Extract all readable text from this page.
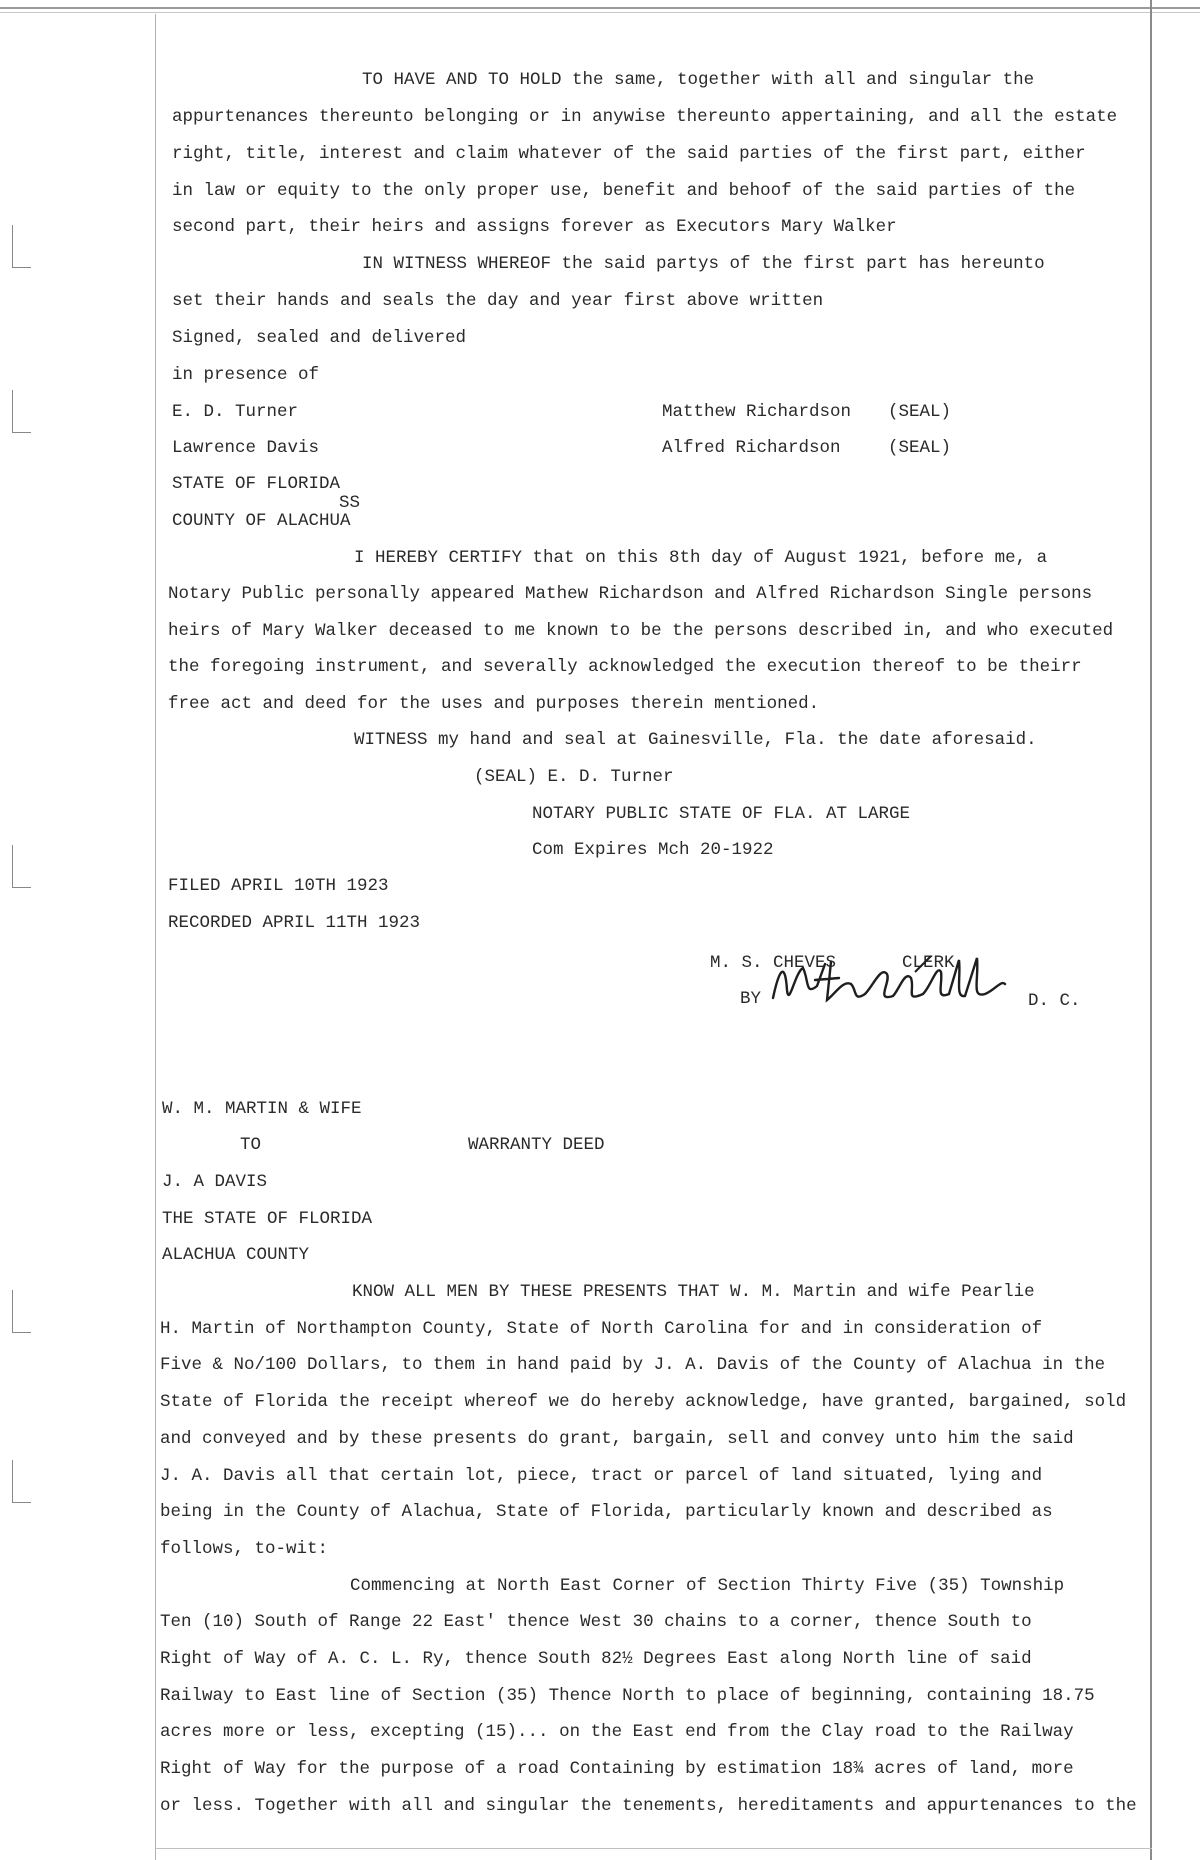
TO HAVE AND TO HOLD the same, together with all and singular the
appurtenances thereunto belonging or in anywise thereunto appertaining, and all the estate
right, title, interest and claim whatever of the said parties of the first part, either
in law or equity to the only proper use, benefit and behoof of the said parties of the
second part, their heirs and assigns forever as Executors Mary Walker
IN WITNESS WHEREOF the said partys of the first part has hereunto
set their hands and seals the day and year first above written
Signed, sealed and delivered
in presence of
E. D. Turner	Matthew Richardson (SEAL)
Lawrence Davis	Alfred Richardson	(SEAL)
STATE OF FLORIDA
SS
COUNTY OF ALACHUA
I HEREBY CERTIFY that on this 8th day of August 1921, before me, a
Notary Public personally appeared Mathew Richardson and Alfred Richardson Single persons
heirs of Mary Walker deceased to me known to be the persons described in, and who executed
the foregoing instrument, and severally acknowledged the execution thereof to be theirr
free act and deed for the uses and purposes therein mentioned.
WITNESS my hand and seal at Gainesville, Fla. the date aforesaid.
(SEAL) E. D. Turner
NOTARY PUBLIC STATE OF FLA. AT LARGE
Com Expires Mch 20-1922
FILED APRIL 10TH 1923
RECORDED APRIL 11TH 1923
M. S. CHEVES	CLERK
BY	D. C.
W. M. MARTIN & WIFE
TO	WARRANTY DEED
J. A DAVIS
THE STATE OF FLORIDA
ALACHUA COUNTY
KNOW ALL MEN BY THESE PRESENTS THAT W. M. Martin and wife Pearlie
H. Martin of Northampton County, State of North Carolina for and in consideration of
Five & No/100 Dollars, to them in hand paid by J. A. Davis of the County of Alachua in the
State of Florida the receipt whereof we do hereby acknowledge, have granted, bargained, sold
and conveyed and by these presents do grant, bargain, sell and convey unto him the said
J. A. Davis all that certain lot, piece, tract or parcel of land situated, lying and
being in the County of Alachua, State of Florida, particularly known and described as
follows, to-wit:
Commencing at North East Corner of Section Thirty Five (35) Township
Ten (10) South of Range 22 East' thence West 30 chains to a corner, thence South to
Right of Way of A. C. L. Ry, thence South 82½ Degrees East along North line of said
Railway to East line of Section (35) Thence North to place of beginning, containing 18.75
acres more or less, excepting (15)... on the East end from the Clay road to the Railway
Right of Way for the purpose of a road Containing by estimation 18¾ acres of land, more
or less. Together with all and singular the tenements, hereditaments and appurtenances to the
